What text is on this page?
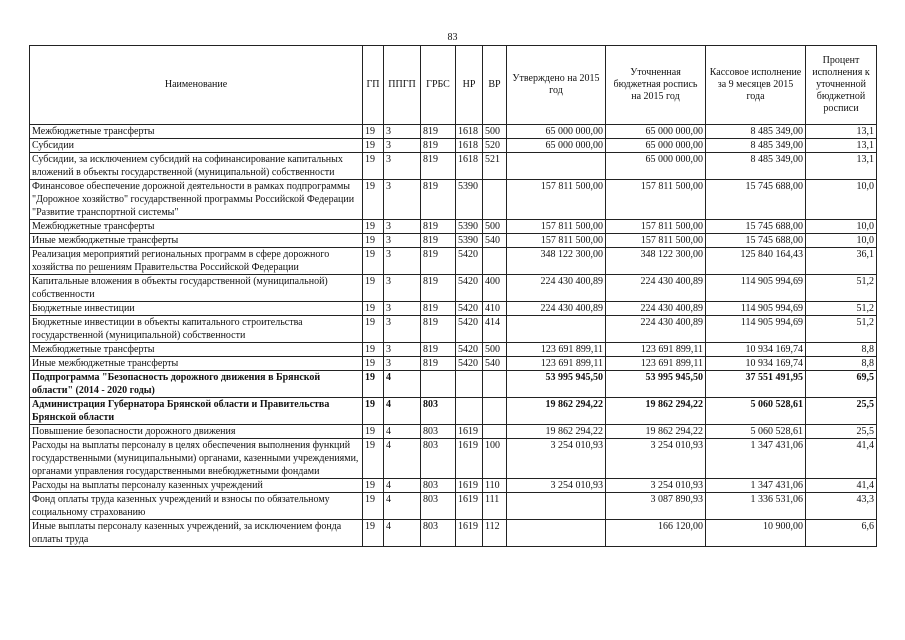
83
Наименование	ГП	ППГП	ГРБС	НР	ВР	Утверждено на 2015 год	Уточненная бюджетная роспись на 2015 год	Кассовое исполнение за 9 месяцев 2015 года	Процент исполнения к уточненной бюджетной росписи
Межбюджетные трансферты	19	3	819	1618	500	65 000 000,00	65 000 000,00	8 485 349,00	13,1
Субсидии	19	3	819	1618	520	65 000 000,00	65 000 000,00	8 485 349,00	13,1
Субсидии, за исключением субсидий на софинансирование капитальных вложений в объекты государственной (муниципальной) собственности	19	3	819	1618	521		65 000 000,00	8 485 349,00	13,1
Финансовое обеспечение дорожной деятельности в рамках подпрограммы "Дорожное хозяйство" государственной программы Российской Федерации "Развитие транспортной системы"	19	3	819	5390		157 811 500,00	157 811 500,00	15 745 688,00	10,0
Межбюджетные трансферты	19	3	819	5390	500	157 811 500,00	157 811 500,00	15 745 688,00	10,0
Иные межбюджетные трансферты	19	3	819	5390	540	157 811 500,00	157 811 500,00	15 745 688,00	10,0
Реализация мероприятий региональных программ в сфере дорожного хозяйства по решениям Правительства Российской Федерации	19	3	819	5420		348 122 300,00	348 122 300,00	125 840 164,43	36,1
Капитальные вложения в объекты государственной (муниципальной) собственности	19	3	819	5420	400	224 430 400,89	224 430 400,89	114 905 994,69	51,2
Бюджетные инвестиции	19	3	819	5420	410	224 430 400,89	224 430 400,89	114 905 994,69	51,2
Бюджетные инвестиции в объекты капитального строительства государственной (муниципальной) собственности	19	3	819	5420	414		224 430 400,89	114 905 994,69	51,2
Межбюджетные трансферты	19	3	819	5420	500	123 691 899,11	123 691 899,11	10 934 169,74	8,8
Иные межбюджетные трансферты	19	3	819	5420	540	123 691 899,11	123 691 899,11	10 934 169,74	8,8
Подпрограмма "Безопасность дорожного движения в Брянской области" (2014 - 2020 годы)	19	4				53 995 945,50	53 995 945,50	37 551 491,95	69,5
Администрация Губернатора Брянской области и Правительства Брянской области	19	4	803			19 862 294,22	19 862 294,22	5 060 528,61	25,5
Повышение безопасности дорожного движения	19	4	803	1619		19 862 294,22	19 862 294,22	5 060 528,61	25,5
Расходы на выплаты персоналу в целях обеспечения выполнения функций государственными (муниципальными) органами, казенными учреждениями, органами управления государственными внебюджетными фондами	19	4	803	1619	100	3 254 010,93	3 254 010,93	1 347 431,06	41,4
Расходы на выплаты персоналу казенных учреждений	19	4	803	1619	110	3 254 010,93	3 254 010,93	1 347 431,06	41,4
Фонд оплаты труда казенных учреждений и взносы по обязательному социальному страхованию	19	4	803	1619	111		3 087 890,93	1 336 531,06	43,3
Иные выплаты персоналу казенных учреждений, за исключением фонда оплаты труда	19	4	803	1619	112		166 120,00	10 900,00	6,6
